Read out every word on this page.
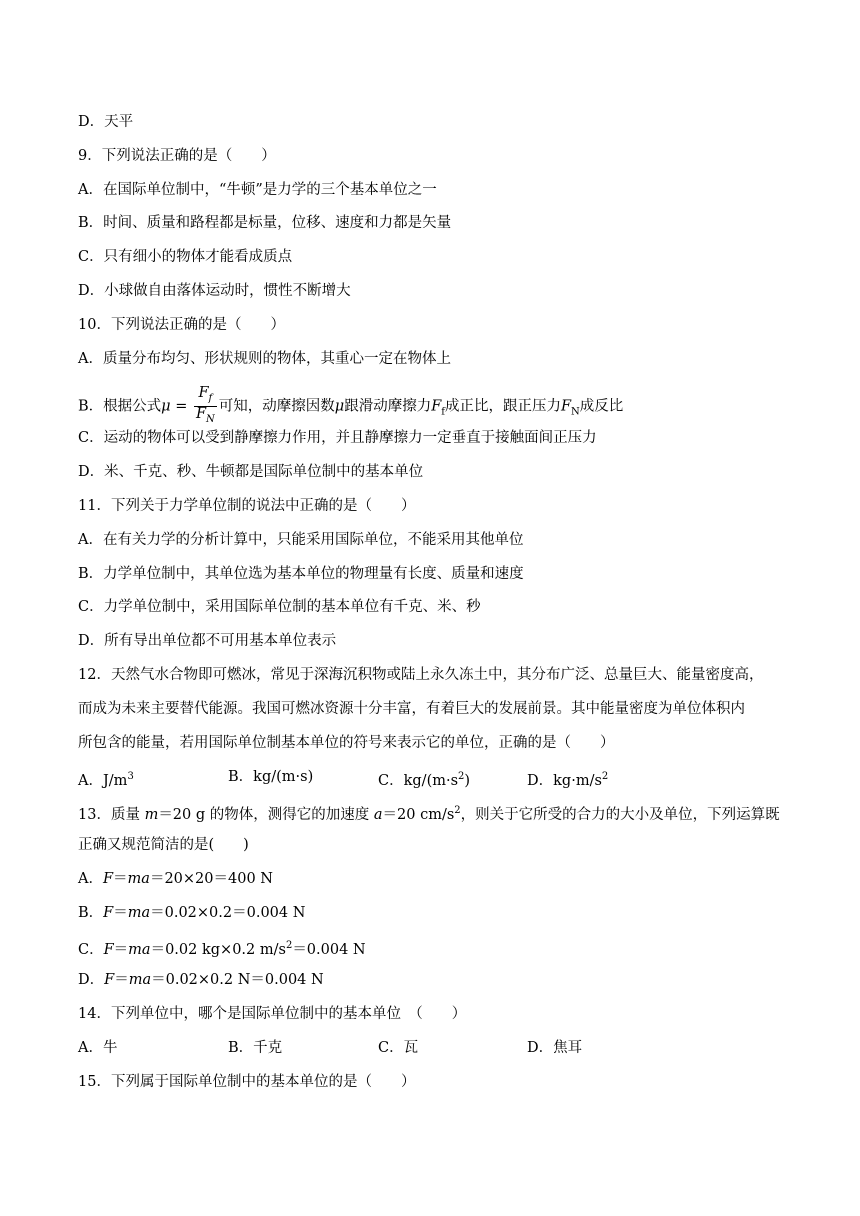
D．天平
9．下列说法正确的是（　　）
A．在国际单位制中，“牛顿”是力学的三个基本单位之一
B．时间、质量和路程都是标量，位移、速度和力都是矢量
C．只有细小的物体才能看成质点
D．小球做自由落体运动时，惯性不断增大
10．下列说法正确的是（　　）
A．质量分布均匀、形状规则的物体，其重心一定在物体上
B．根据公式$\mu = \frac{F_f}{F_N}$ 可知，动摩擦因数μ跟滑动摩擦力$F_f$成正比，跟正压力$F_N$成反比
C．运动的物体可以受到静摩擦力作用，并且静摩擦力一定垂直于接触面间正压力
D．米、千克、秒、牛顿都是国际单位制中的基本单位
11．下列关于力学单位制的说法中正确的是（　　）
A．在有关力学的分析计算中，只能采用国际单位，不能采用其他单位
B．力学单位制中，其单位选为基本单位的物理量有长度、质量和速度
C．力学单位制中，采用国际单位制的基本单位有千克、米、秒
D．所有导出单位都不可用基本单位表示
12．天然气水合物即可燃冰，常见于深海沉积物或陆上永久冻土中，其分布广泛、总量巨大、能量密度高，
而成为未来主要替代能源。我国可燃冰资源十分丰富，有着巨大的发展前景。其中能量密度为单位体积内
所包含的能量，若用国际单位制基本单位的符号来表示它的单位，正确的是（　　）
A．$J/m^3$	B．kg/(m·s)	C．$kg/(m\cdot s^2)$	D．$kg\cdot m/s^2$
13．质量 m＝20 g 的物体，测得它的加速度 a＝20 $cm/s^2$，则关于它所受的合力的大小及单位，下列运算既
正确又规范简洁的是(　　)
A．F＝ma＝20×20＝400 N
B．F＝ma＝0.02×0.2＝0.004 N
C．F＝ma＝0.02 kg×0.2 $m/s^2=0.004$ N
D．F＝ma＝0.02×0.2 N＝0.004 N
14．下列单位中，哪个是国际单位制中的基本单位　（　　）
A．牛	B．千克	C．瓦	D．焦耳
15．下列属于国际单位制中的基本单位的是（　　）
